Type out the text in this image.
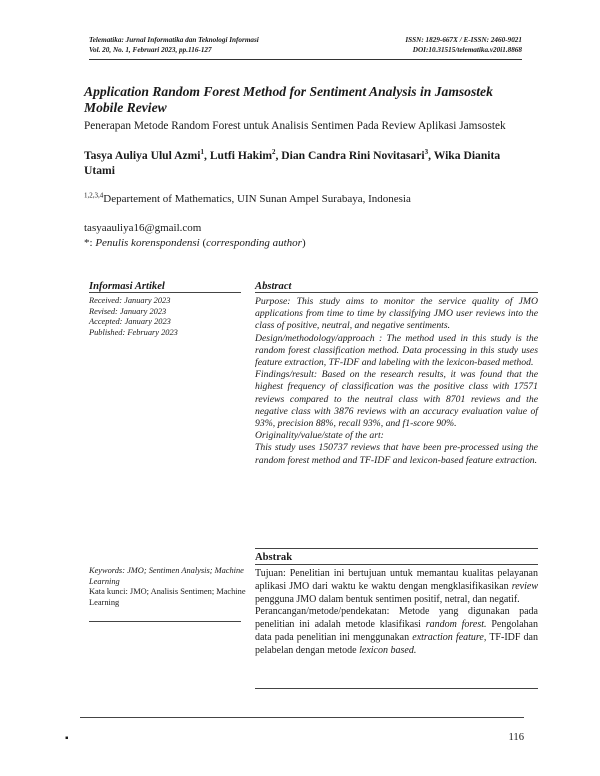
Telematika: Jurnal Informatika dan Teknologi Informasi
Vol. 20, No. 1, Februari 2023, pp.116-127
ISSN: 1829-667X / E-ISSN: 2460-9021
DOI:10.31515/telematika.v20i1.8868
Application Random Forest Method for Sentiment Analysis in Jamsostek Mobile Review
Penerapan Metode Random Forest untuk Analisis Sentimen Pada Review Aplikasi Jamsostek
Tasya Auliya Ulul Azmi$^1$, Lutfi Hakim$^2$, Dian Candra Rini Novitasari$^3$, Wika Dianita Utami
$^{1,2,3,4}$Departement of Mathematics, UIN Sunan Ampel Surabaya, Indonesia
tasyaauliya16@gmail.com
*: Penulis korenspondensi (corresponding author)
Informasi Artikel
Received: January 2023
Revised: January 2023
Accepted: January 2023
Published: February 2023
Keywords: JMO; Sentimen Analysis; Machine Learning
Kata kunci: JMO; Analisis Sentimen; Machine Learning
Abstract

Purpose: This study aims to monitor the service quality of JMO applications from time to time by classifying JMO user reviews into the class of positive, neutral, and negative sentiments.

Design/methodology/approach : The method used in this study is the random forest classification method. Data processing in this study uses feature extraction, TF-IDF and labeling with the lexicon-based method.

Findings/result: Based on the research results, it was found that the highest frequency of classification was the positive class with 17571 reviews compared to the neutral class with 8701 reviews and the negative class with 3876 reviews with an accuracy evaluation value of 93%, precision 88%, recall 93%, and f1-score 90%.

Originality/value/state of the art:

This study uses 150737 reviews that have been pre-processed using the random forest method and TF-IDF and lexicon-based feature extraction.

Abstrak

Tujuan: Penelitian ini bertujuan untuk memantau kualitas pelayanan aplikasi JMO dari waktu ke waktu dengan mengklasifikasikan review pengguna JMO dalam bentuk sentimen positif, netral, dan negatif.

Perancangan/metode/pendekatan: Metode yang digunakan pada penelitian ini adalah metode klasifikasi random forest. Pengolahan data pada penelitian ini menggunakan extraction feature, TF-IDF dan pelabelan dengan metode lexicon based.

▪	116
